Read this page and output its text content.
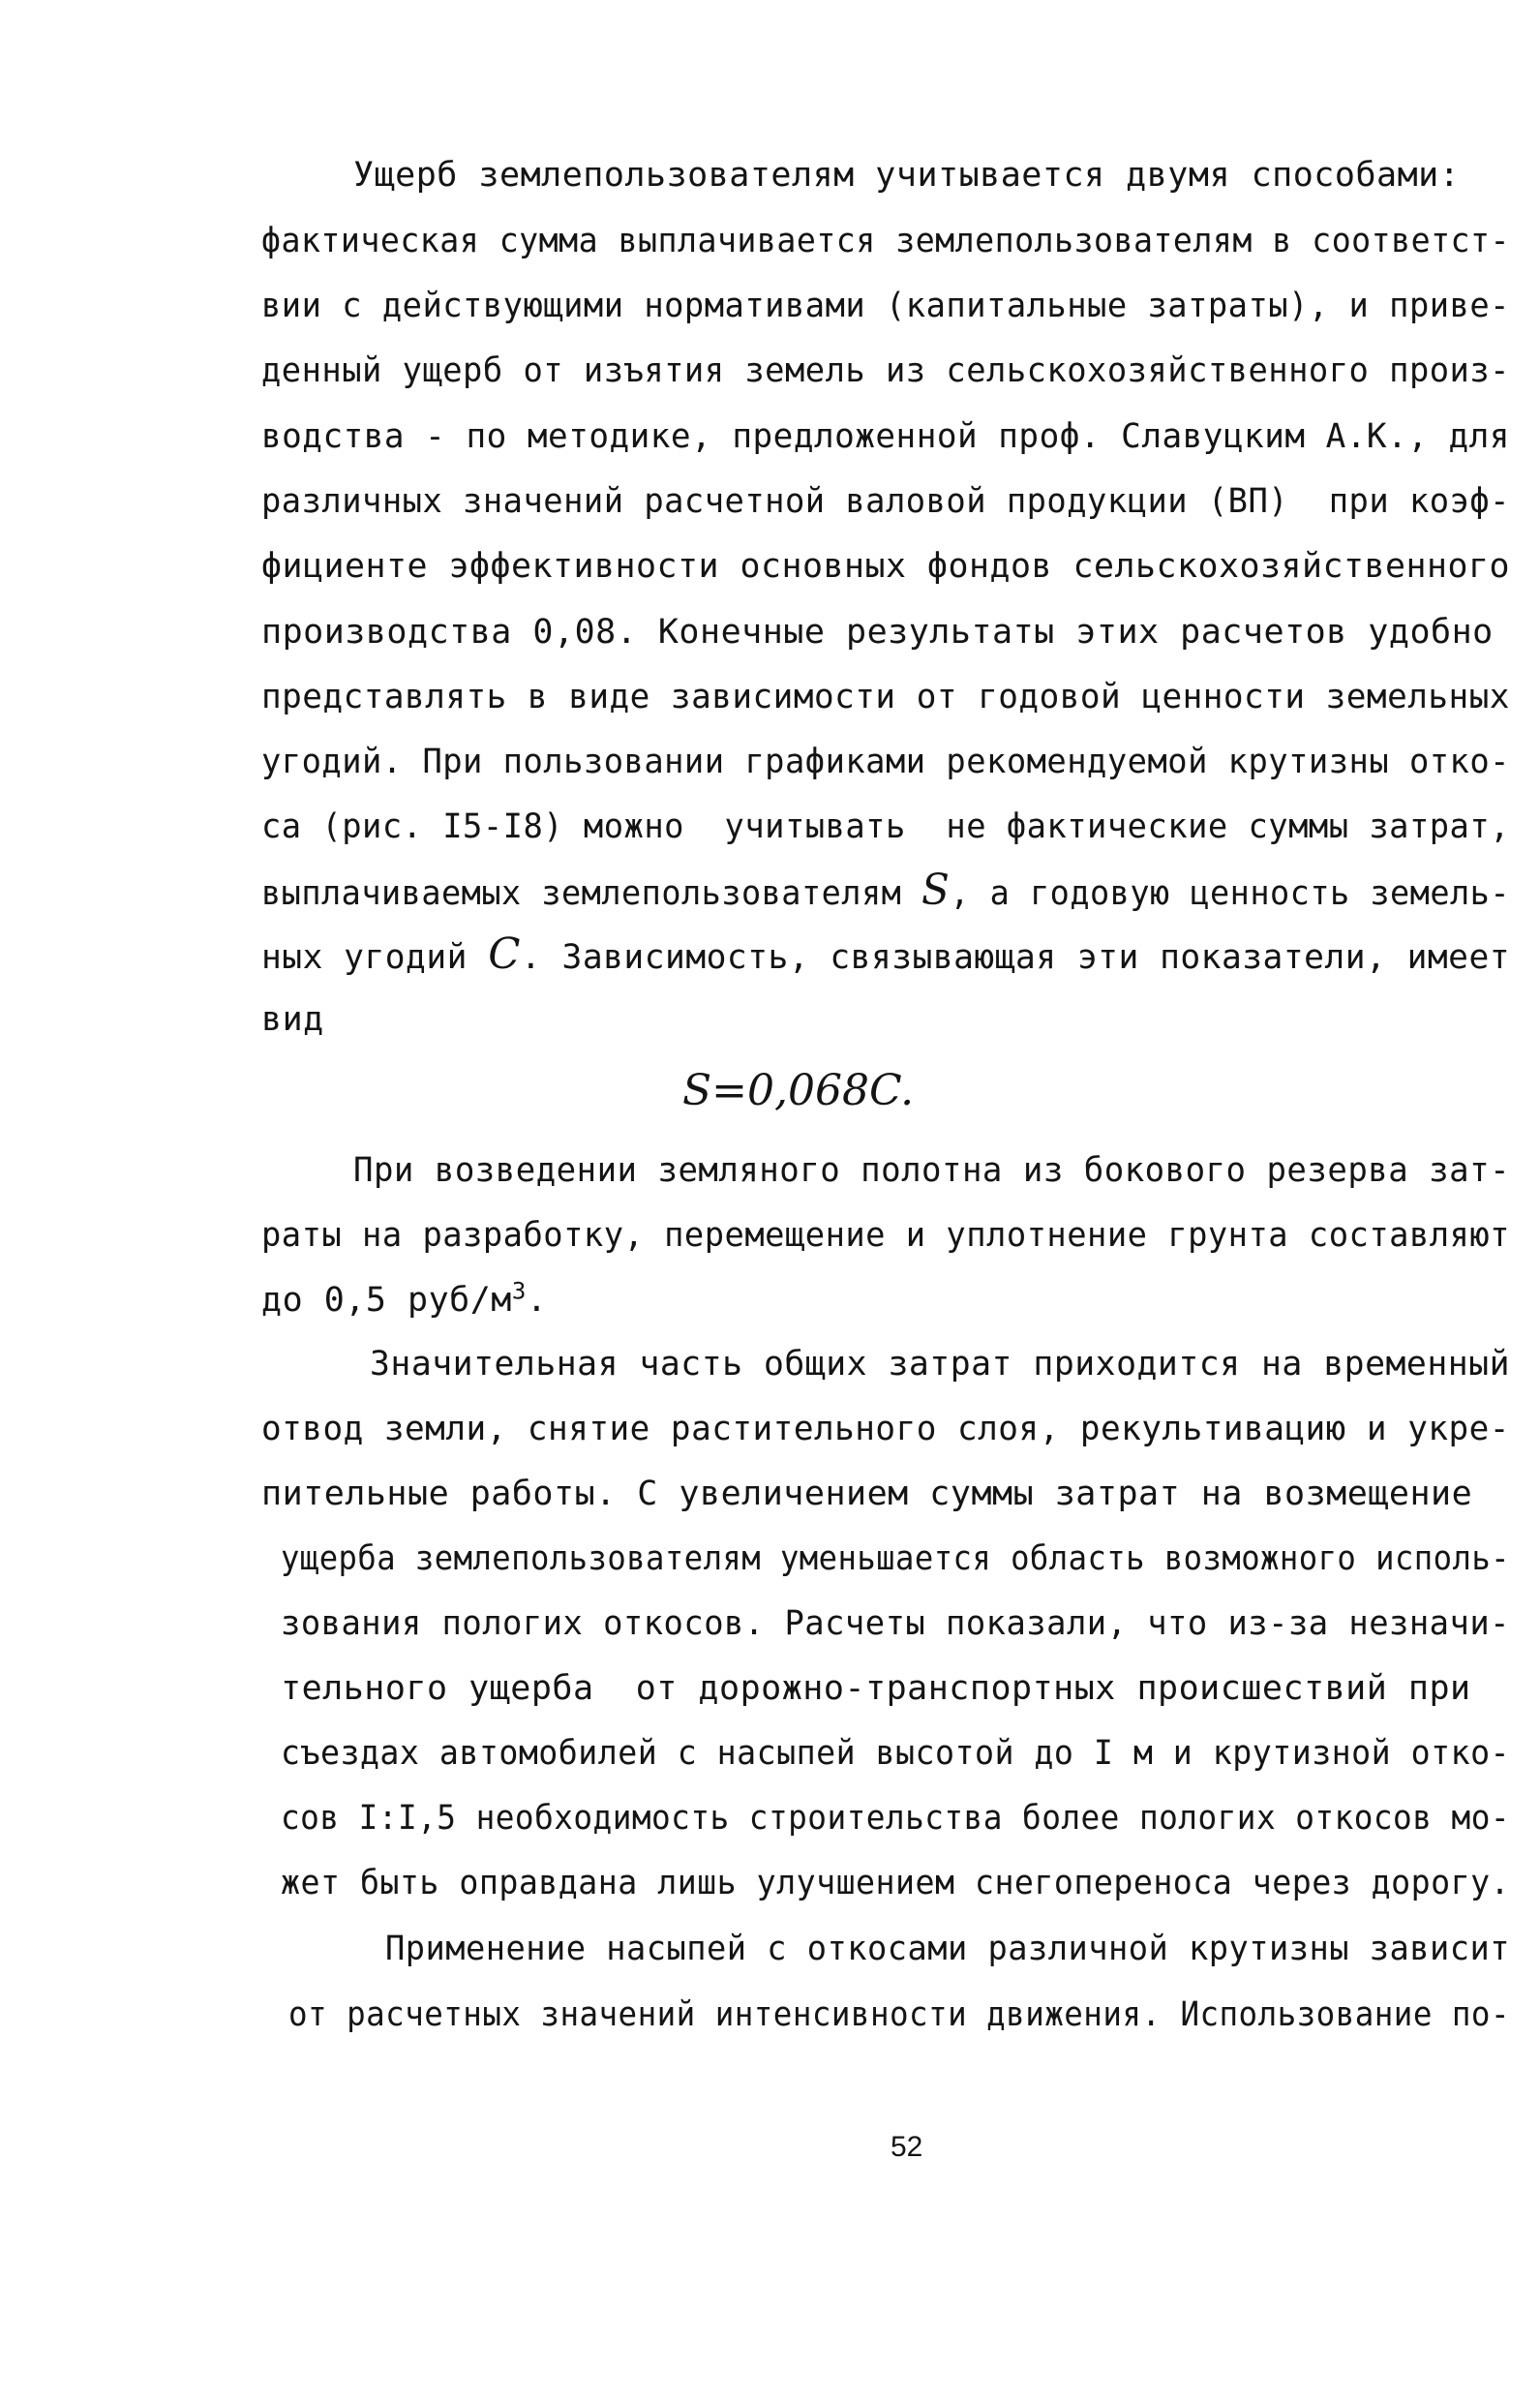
Ущерб землепользователям учитывается двумя способами:
фактическая сумма выплачивается землепользователям в соответст-
вии с действующими нормативами (капитальные затраты), и приве-
денный ущерб от изъятия земель из сельскохозяйственного произ-
водства - по методике, предложенной проф. Славуцким А.К., для
различных значений расчетной валовой продукции (ВП)  при коэф-
фициенте эффективности основных фондов сельскохозяйственного
производства 0,08. Конечные результаты этих расчетов удобно
представлять в виде зависимости от годовой ценности земельных
угодий. При пользовании графиками рекомендуемой крутизны отко-
са (рис. I5-I8) можно  учитывать  не фактические суммы затрат,
выплачиваемых землепользователям S, а годовую ценность земель-
ных угодий С. Зависимость, связывающая эти показатели, имеет
вид
S=0,068C.
При возведении земляного полотна из бокового резерва зат-
раты на разработку, перемещение и уплотнение грунта составляют
до 0,5 руб/$м^3$.
Значительная часть общих затрат приходится на временный
отвод земли, снятие растительного слоя, рекультивацию и укре-
пительные работы. С увеличением суммы затрат на возмещение
ущерба землепользователям уменьшается область возможного исполь-
зования пологих откосов. Расчеты показали, что из-за незначи-
тельного ущерба  от дорожно-транспортных происшествий при
съездах автомобилей с насыпей высотой до I м и крутизной отко-
сов I:I,5 необходимость строительства более пологих откосов мо-
жет быть оправдана лишь улучшением снегопереноса через дорогу.
Применение насыпей с откосами различной крутизны зависит
от расчетных значений интенсивности движения. Использование по-
52
